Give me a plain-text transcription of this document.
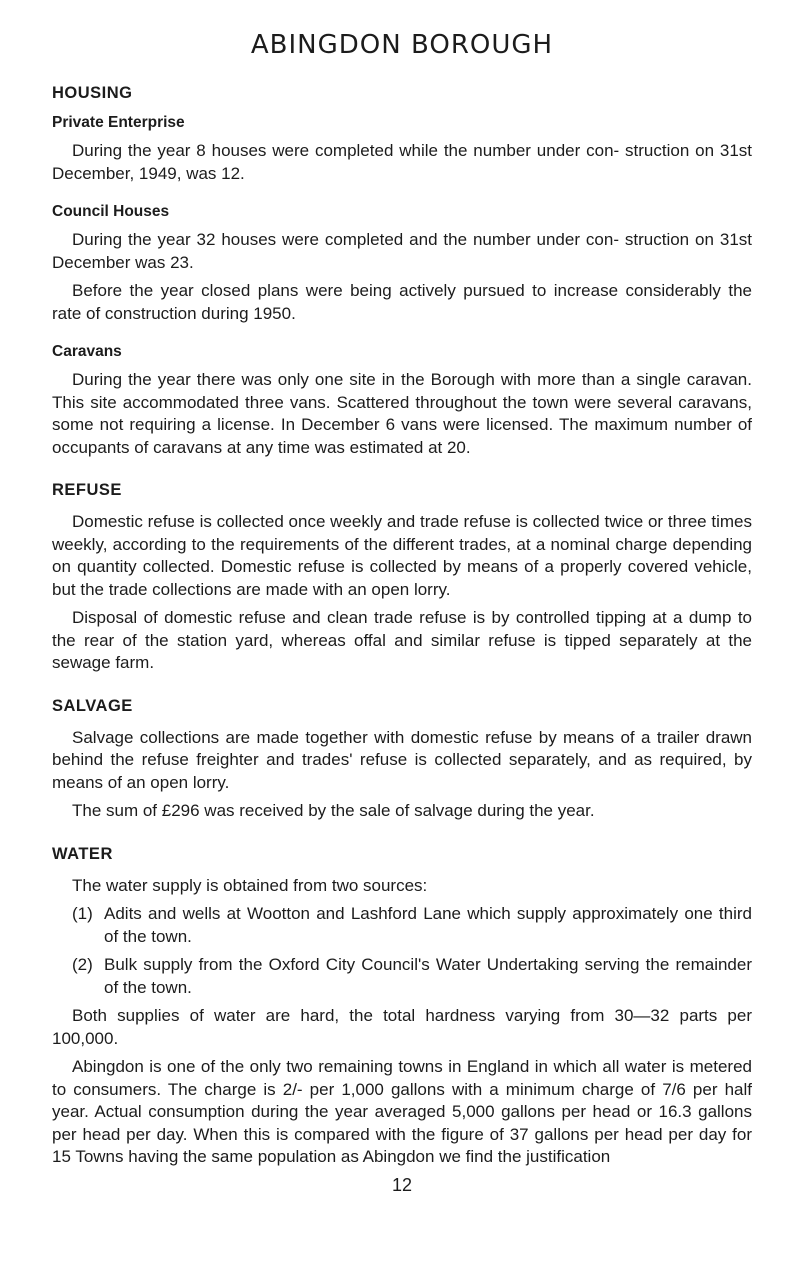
ABINGDON BOROUGH
HOUSING
Private Enterprise

During the year 8 houses were completed while the number under con- struction on 31st December, 1949, was 12.

Council Houses

During the year 32 houses were completed and the number under con- struction on 31st December was 23.

Before the year closed plans were being actively pursued to increase considerably the rate of construction during 1950.

Caravans

During the year there was only one site in the Borough with more than a single caravan. This site accommodated three vans. Scattered throughout the town were several caravans, some not requiring a license. In December 6 vans were licensed. The maximum number of occupants of caravans at any time was estimated at 20.

REFUSE

Domestic refuse is collected once weekly and trade refuse is collected twice or three times weekly, according to the requirements of the different trades, at a nominal charge depending on quantity collected. Domestic refuse is collected by means of a properly covered vehicle, but the trade collections are made with an open lorry.

Disposal of domestic refuse and clean trade refuse is by controlled tipping at a dump to the rear of the station yard, whereas offal and similar refuse is tipped separately at the sewage farm.

SALVAGE

Salvage collections are made together with domestic refuse by means of a trailer drawn behind the refuse freighter and trades' refuse is collected separately, and as required, by means of an open lorry.

The sum of £296 was received by the sale of salvage during the year.

WATER

The water supply is obtained from two sources:

(1) Adits and wells at Wootton and Lashford Lane which supply approximately one third of the town.
(2) Bulk supply from the Oxford City Council's Water Undertaking serving the remainder of the town.

Both supplies of water are hard, the total hardness varying from 30—32 parts per 100,000.

Abingdon is one of the only two remaining towns in England in which all water is metered to consumers. The charge is 2/- per 1,000 gallons with a minimum charge of 7/6 per half year. Actual consumption during the year averaged 5,000 gallons per head or 16.3 gallons per head per day. When this is compared with the figure of 37 gallons per head per day for 15 Towns having the same population as Abingdon we find the justification

12
